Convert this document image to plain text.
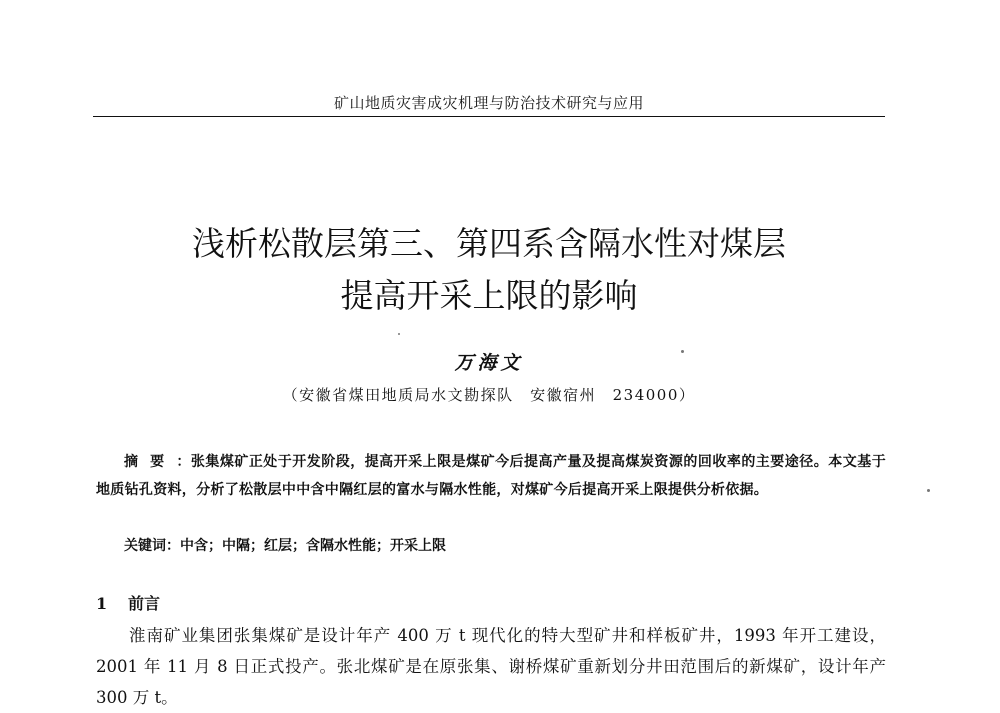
矿山地质灾害成灾机理与防治技术研究与应用
浅析松散层第三、第四系含隔水性对煤层
提高开采上限的影响
万海文
（安徽省煤田地质局水文勘探队　安徽宿州　234000）
摘要：张集煤矿正处于开发阶段，提高开采上限是煤矿今后提高产量及提高煤炭资源的回收率的主要途径。本文基于地质钻孔资料，分析了松散层中中含中隔红层的富水与隔水性能，对煤矿今后提高开采上限提供分析依据。
关键词：中含；中隔；红层；含隔水性能；开采上限
1 前言

淮南矿业集团张集煤矿是设计年产 400 万 t 现代化的特大型矿井和样板矿井，1993 年开工建设，2001 年 11 月 8 日正式投产。张北煤矿是在原张集、谢桥煤矿重新划分井田范围后的新煤矿，设计年产 300 万 t。
